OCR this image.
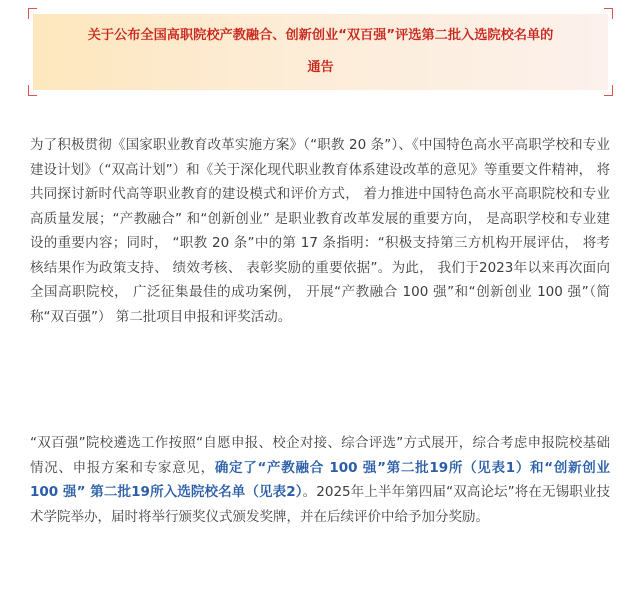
关于公布全国高职院校产教融合、创新创业“双百强”评选第二批入选院校名单的
通告

为了积极贯彻《国家职业教育改革实施方案》（“职教 20 条”）、《中国特色高水平高职学校和专业建设计划》（“双高计划”）和《关于深化现代职业教育体系建设改革的意见》等重要文件精神， 将共同探讨新时代高等职业教育的建设模式和评价方式， 着力推进中国特色高水平高职院校和专业高质量发展；“产教融合” 和“创新创业” 是职业教育改革发展的重要方向， 是高职学校和专业建设的重要内容；同时， “职教 20 条”中的第 17 条指明：“积极支持第三方机构开展评估， 将考核结果作为政策支持、 绩效考核、 表彰奖励的重要依据”。为此， 我们于2023年以来再次面向全国高职院校， 广泛征集最佳的成功案例， 开展“产教融合 100 强”和“创新创业 100 强”（简称“双百强”） 第二批项目申报和评奖活动。

“双百强”院校遴选工作按照“自愿申报、校企对接、综合评选”方式展开，综合考虑申报院校基础情况、申报方案和专家意见，确定了“产教融合 100 强”第二批19所（见表1）和“创新创业 100 强” 第二批19所入选院校名单（见表2）。2025年上半年第四届“双高论坛”将在无锡职业技术学院举办，届时将举行颁奖仪式颁发奖牌，并在后续评价中给予加分奖励。
